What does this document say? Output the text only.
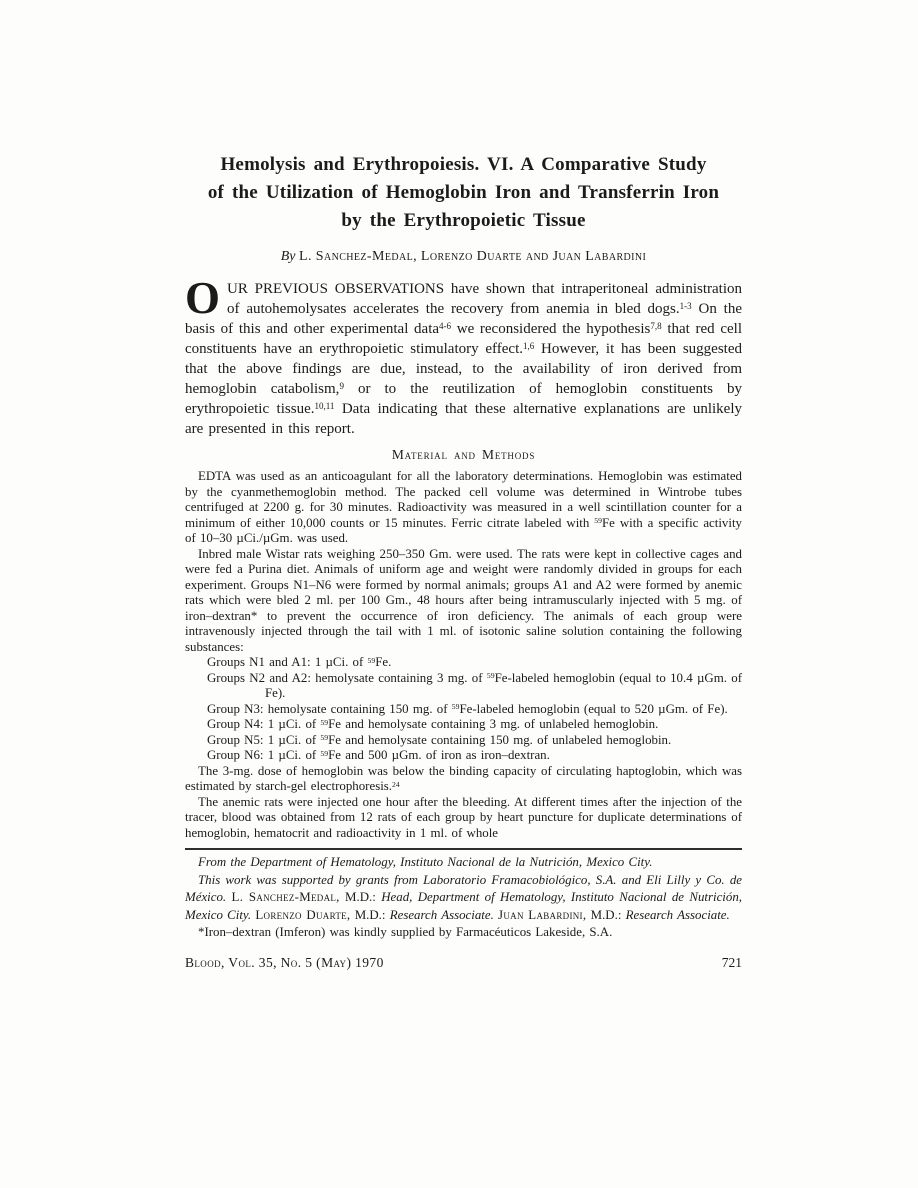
Hemolysis and Erythropoiesis. VI. A Comparative Study
of the Utilization of Hemoglobin Iron and Transferrin Iron
by the Erythropoietic Tissue

By L. Sanchez-Medal, Lorenzo Duarte and Juan Labardini

OUR PREVIOUS OBSERVATIONS have shown that intraperitoneal administration of autohemolysates accelerates the recovery from anemia in bled dogs.$^{1-3}$ On the basis of this and other experimental data$^{4-6}$ we reconsidered the hypothesis$^{7,8}$ that red cell constituents have an erythropoietic stimulatory effect.$^{1,6}$ However, it has been suggested that the above findings are due, instead, to the availability of iron derived from hemoglobin catabolism,$^9$ or to the reutilization of hemoglobin constituents by erythropoietic tissue.$^{10,11}$ Data indicating that these alternative explanations are unlikely are presented in this report.

Material and Methods

EDTA was used as an anticoagulant for all the laboratory determinations. Hemoglobin was estimated by the cyanmethemoglobin method. The packed cell volume was determined in Wintrobe tubes centrifuged at 2200 g. for 30 minutes. Radioactivity was measured in a well scintillation counter for a minimum of either 10,000 counts or 15 minutes. Ferric citrate labeled with $^{59}$Fe with a specific activity of 10–30 µCi./µGm. was used.

Inbred male Wistar rats weighing 250–350 Gm. were used. The rats were kept in collective cages and were fed a Purina diet. Animals of uniform age and weight were randomly divided in groups for each experiment. Groups N1–N6 were formed by normal animals; groups A1 and A2 were formed by anemic rats which were bled 2 ml. per 100 Gm., 48 hours after being intramuscularly injected with 5 mg. of iron–dextran* to prevent the occurrence of iron deficiency. The animals of each group were intravenously injected through the tail with 1 ml. of isotonic saline solution containing the following substances:

Groups N1 and A1: 1 µCi. of $^{59}$Fe.

Groups N2 and A2: hemolysate containing 3 mg. of $^{59}$Fe-labeled hemoglobin (equal to 10.4 µGm. of Fe).

Group N3: hemolysate containing 150 mg. of $^{59}$Fe-labeled hemoglobin (equal to 520 µGm. of Fe).

Group N4: 1 µCi. of $^{59}$Fe and hemolysate containing 3 mg. of unlabeled hemoglobin.

Group N5: 1 µCi. of $^{59}$Fe and hemolysate containing 150 mg. of unlabeled hemoglobin.

Group N6: 1 µCi. of $^{59}$Fe and 500 µGm. of iron as iron–dextran.

The 3-mg. dose of hemoglobin was below the binding capacity of circulating haptoglobin, which was estimated by starch-gel electrophoresis.$^{24}$

The anemic rats were injected one hour after the bleeding. At different times after the injection of the tracer, blood was obtained from 12 rats of each group by heart puncture for duplicate determinations of hemoglobin, hematocrit and radioactivity in 1 ml. of whole

From the Department of Hematology, Instituto Nacional de la Nutrición, Mexico City.

This work was supported by grants from Laboratorio Framacobiológico, S.A. and Eli Lilly y Co. de México. L. Sanchez-Medal, M.D.: Head, Department of Hematology, Instituto Nacional de Nutrición, Mexico City. Lorenzo Duarte, M.D.: Research Associate. Juan Labardini, M.D.: Research Associate.

*Iron–dextran (Imferon) was kindly supplied by Farmacéuticos Lakeside, S.A.

Blood, Vol. 35, No. 5 (May) 1970	721
